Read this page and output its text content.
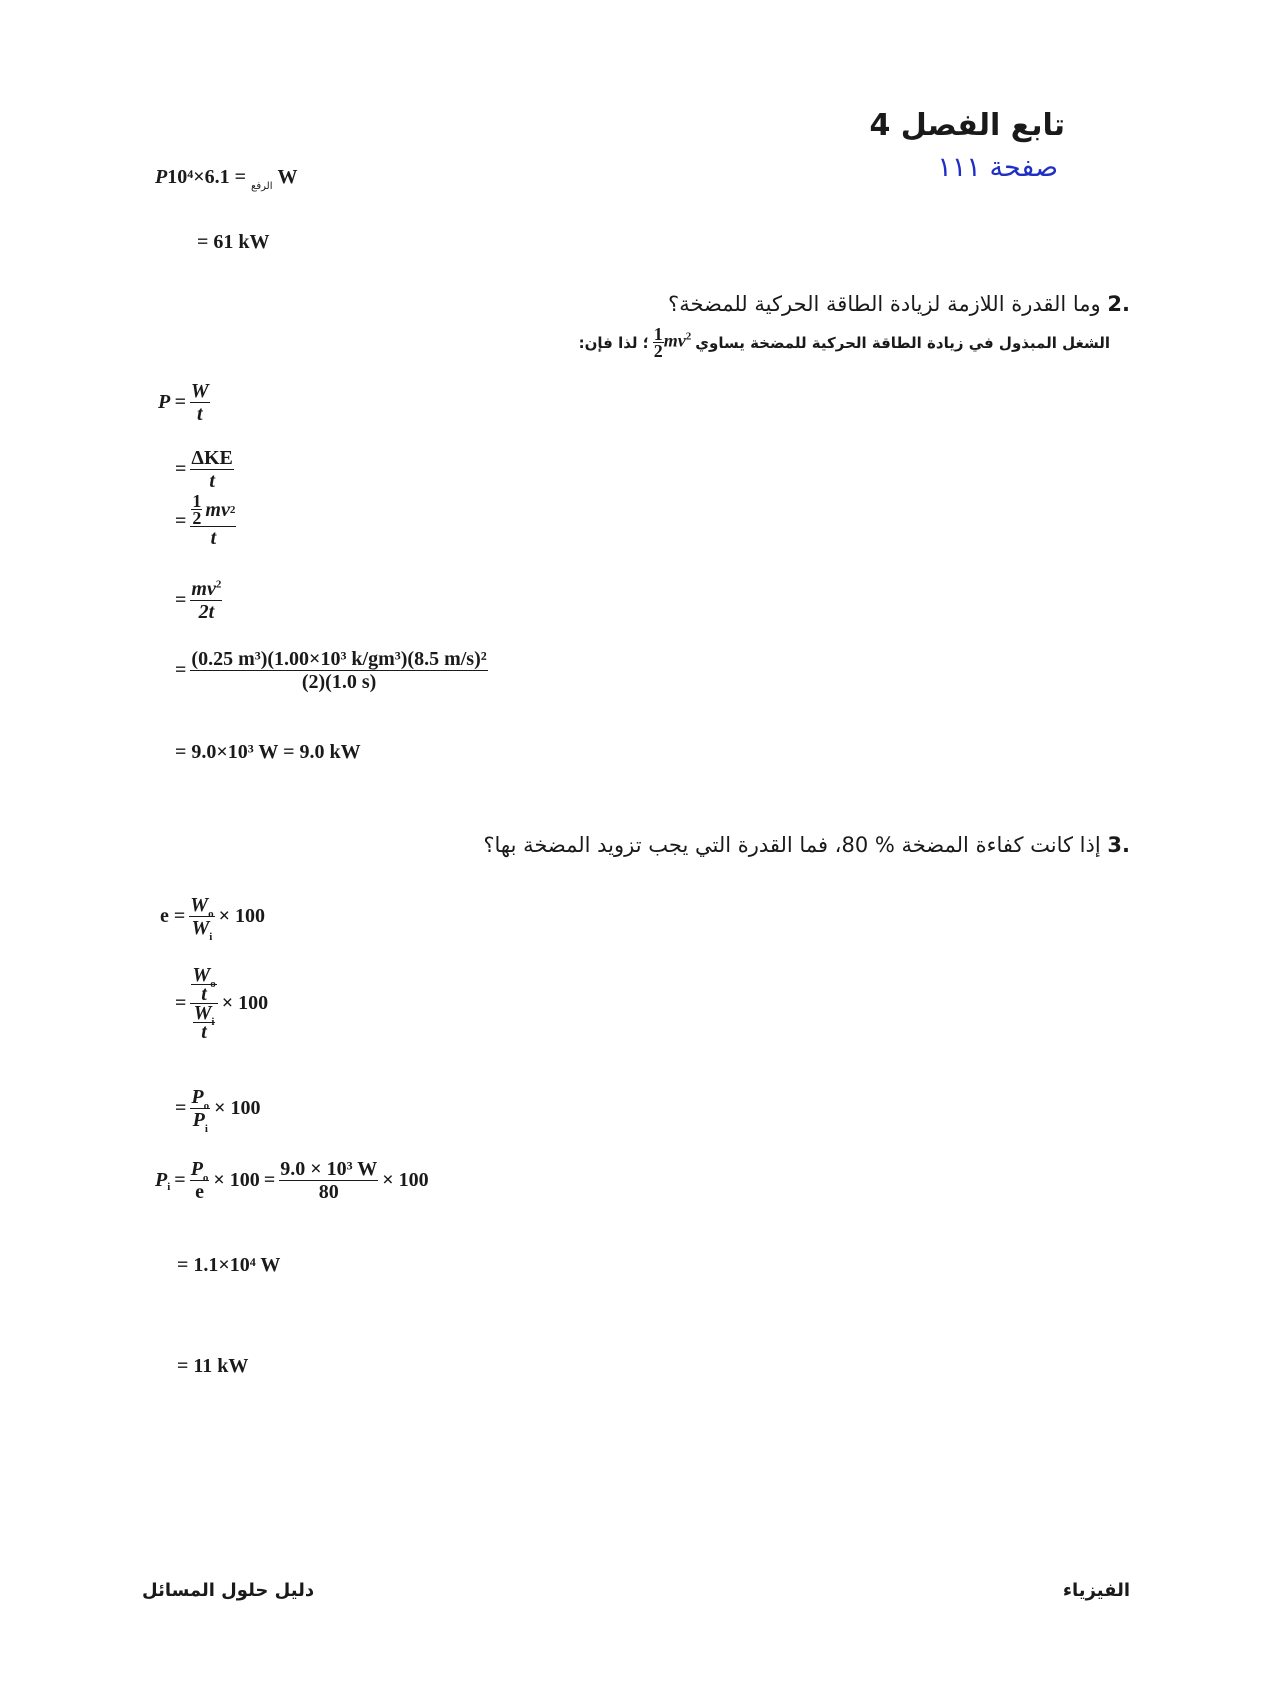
تابع الفصل 4
صفحة ١١١
P	$_{الرفع}$ = 6.1×10⁴ W
= 61 kW
.2 وما القدرة اللازمة لزيادة الطاقة الحركية للمضخة؟
الشغل المبذول في زيادة الطاقة الحركية للمضخة يساوي
$\frac{1}{2} mv^2$
؛ لذا فإن:
$P = \frac{W}{t}$
= $\frac{\text{ΔKE}}{t}$
= $\frac{\frac{1}{2} mv 2}{t}$
= $\frac{mv^2}{2t}$
= $\frac{\text{(0.25 m³)(1.00×10³ k/gm³)(8.5 m/s)²}}{(2)(1.0 s)}$
= 9.0×10³ W = 9.0 kW
.3 إذا كانت كفاءة المضخة % 80، فما القدرة التي يجب تزويد المضخة بها؟
$e = \frac{W_o}{W_i} \times 100$
= $\frac{\frac{W_o}{t}}{\frac{W_i}{t}} \times 100$
= $\frac{P_o}{P_i} \times 100$
P $i = \frac{P_o}{e} \times 100 = \frac{\text{9.0 × 10³ W}}{80} \times 100$
= 1.1×10⁴ W
= 11 kW
الفيزياء
دليل حلول المسائل
